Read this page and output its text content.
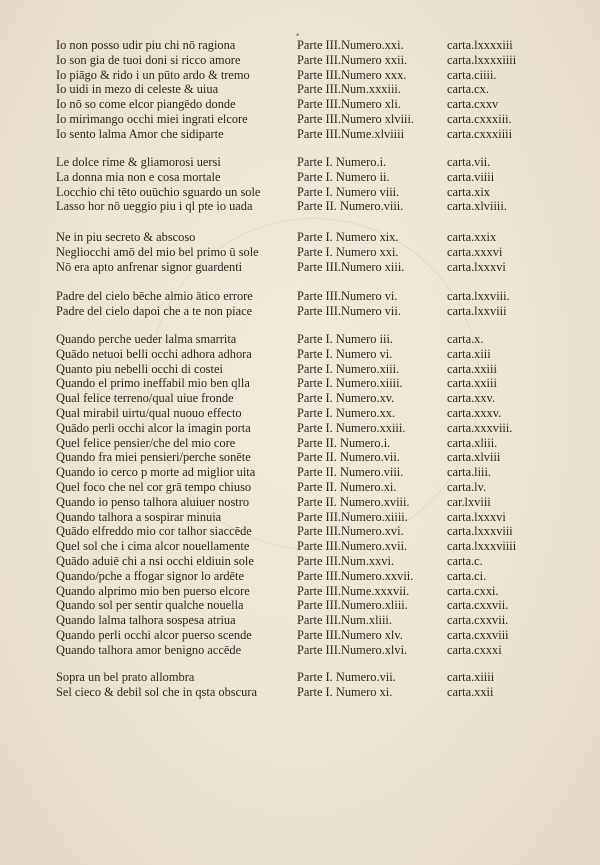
•
Io non posso udir piu chi nō ragiona	Parte III.Numero.xxi.	carta.lxxxxiii
Io son gia de tuoi doni si ricco amore	Parte III.Numero xxii.	carta.lxxxxiiii
Io piāgo & rido i un pūto ardo & tremo	Parte III.Numero xxx.	carta.ciiii.
Io uidi in mezo di celeste & uiua	Parte III.Num.xxxiii.	carta.cx.
Io nō so come elcor piangēdo donde	Parte III.Numero xli.	carta.cxxv
Io mirimango occhi miei ingrati elcore	Parte III.Numero xlviii.	carta.cxxxiii.
Io sento lalma Amor che sidiparte	Parte III.Nume.xlviiii	carta.cxxxiiii
Le dolce rime & gliamorosi uersi	Parte I. Numero.i.	carta.vii.
La donna mia non e cosa mortale	Parte I. Numero ii.	carta.viiii
Locchio chi tēto ouūchio sguardo un sole	Parte I. Numero viii.	carta.xix
Lasso hor nō ueggio piu i ql pte io uada	Parte II. Numero.viii.	carta.xlviiii.
Ne in piu secreto & abscoso	Parte I. Numero xix.	carta.xxix
Negliocchi amō del mio bel primo ū sole	Parte I. Numero xxi.	carta.xxxvi
Nō era apto anfrenar signor guardenti	Parte III.Numero xiii.	carta.lxxxvi
Padre del cielo bēche almio ātico errore	Parte III.Numero vi.	carta.lxxviii.
Padre del cielo dapoi che a te non piace	Parte III.Numero vii.	carta.lxxviii
Quando perche ueder lalma smarrita	Parte I. Numero iii.	carta.x.
Quādo netuoi belli occhi adhora adhora	Parte I. Numero vi.	carta.xiii
Quanto piu nebelli occhi di costei	Parte I. Numero.xiii.	carta.xxiii
Quando el primo ineffabil mio ben qlla	Parte I. Numero.xiiii.	carta.xxiii
Qual felice terreno/qual uiue fronde	Parte I. Numero.xv.	carta.xxv.
Qual mirabil uirtu/qual nuouo effecto	Parte I. Numero.xx.	carta.xxxv.
Quādo perli occhi alcor la imagin porta	Parte I. Numero.xxiii.	carta.xxxviii.
Quel felice pensier/che del mio core	Parte II. Numero.i.	carta.xliii.
Quando fra miei pensieri/perche sonēte	Parte II. Numero.vii.	carta.xlviii
Quando io cerco p morte ad miglior uita	Parte II. Numero.viii.	carta.liii.
Quel foco che nel cor grā tempo chiuso	Parte II. Numero.xi.	carta.lv.
Quando io penso talhora aluiuer nostro	Parte II. Numero.xviii.	car.lxviii
Quando talhora a sospirar minuia	Parte III.Numero.xiiii.	carta.lxxxvi
Quādo elfreddo mio cor talhor siaccēde	Parte III.Numero.xvi.	carta.lxxxviii
Quel sol che i cima alcor nouellamente	Parte III.Numero.xvii.	carta.lxxxviiii
Quādo aduiē chi a nsi occhi eldiuin sole	Parte III.Num.xxvi.	carta.c.
Quando/pche a ffogar signor lo ardēte	Parte III.Numero.xxvii.	carta.ci.
Quando alprimo mio ben puerso elcore	Parte III.Nume.xxxvii.	carta.cxxi.
Quando sol per sentir qualche nouella	Parte III.Numero.xliii.	carta.cxxvii.
Quando lalma talhora sospesa atriua	Parte III.Num.xliii.	carta.cxxvii.
Quando perli occhi alcor puerso scende	Parte III.Numero xlv.	carta.cxxviii
Quando talhora amor benigno accēde	Parte III.Numero.xlvi.	carta.cxxxi
Sopra un bel prato allombra	Parte I. Numero.vii.	carta.xiiii
Sel cieco & debil sol che in qsta obscura	Parte I. Numero xi.	carta.xxii
